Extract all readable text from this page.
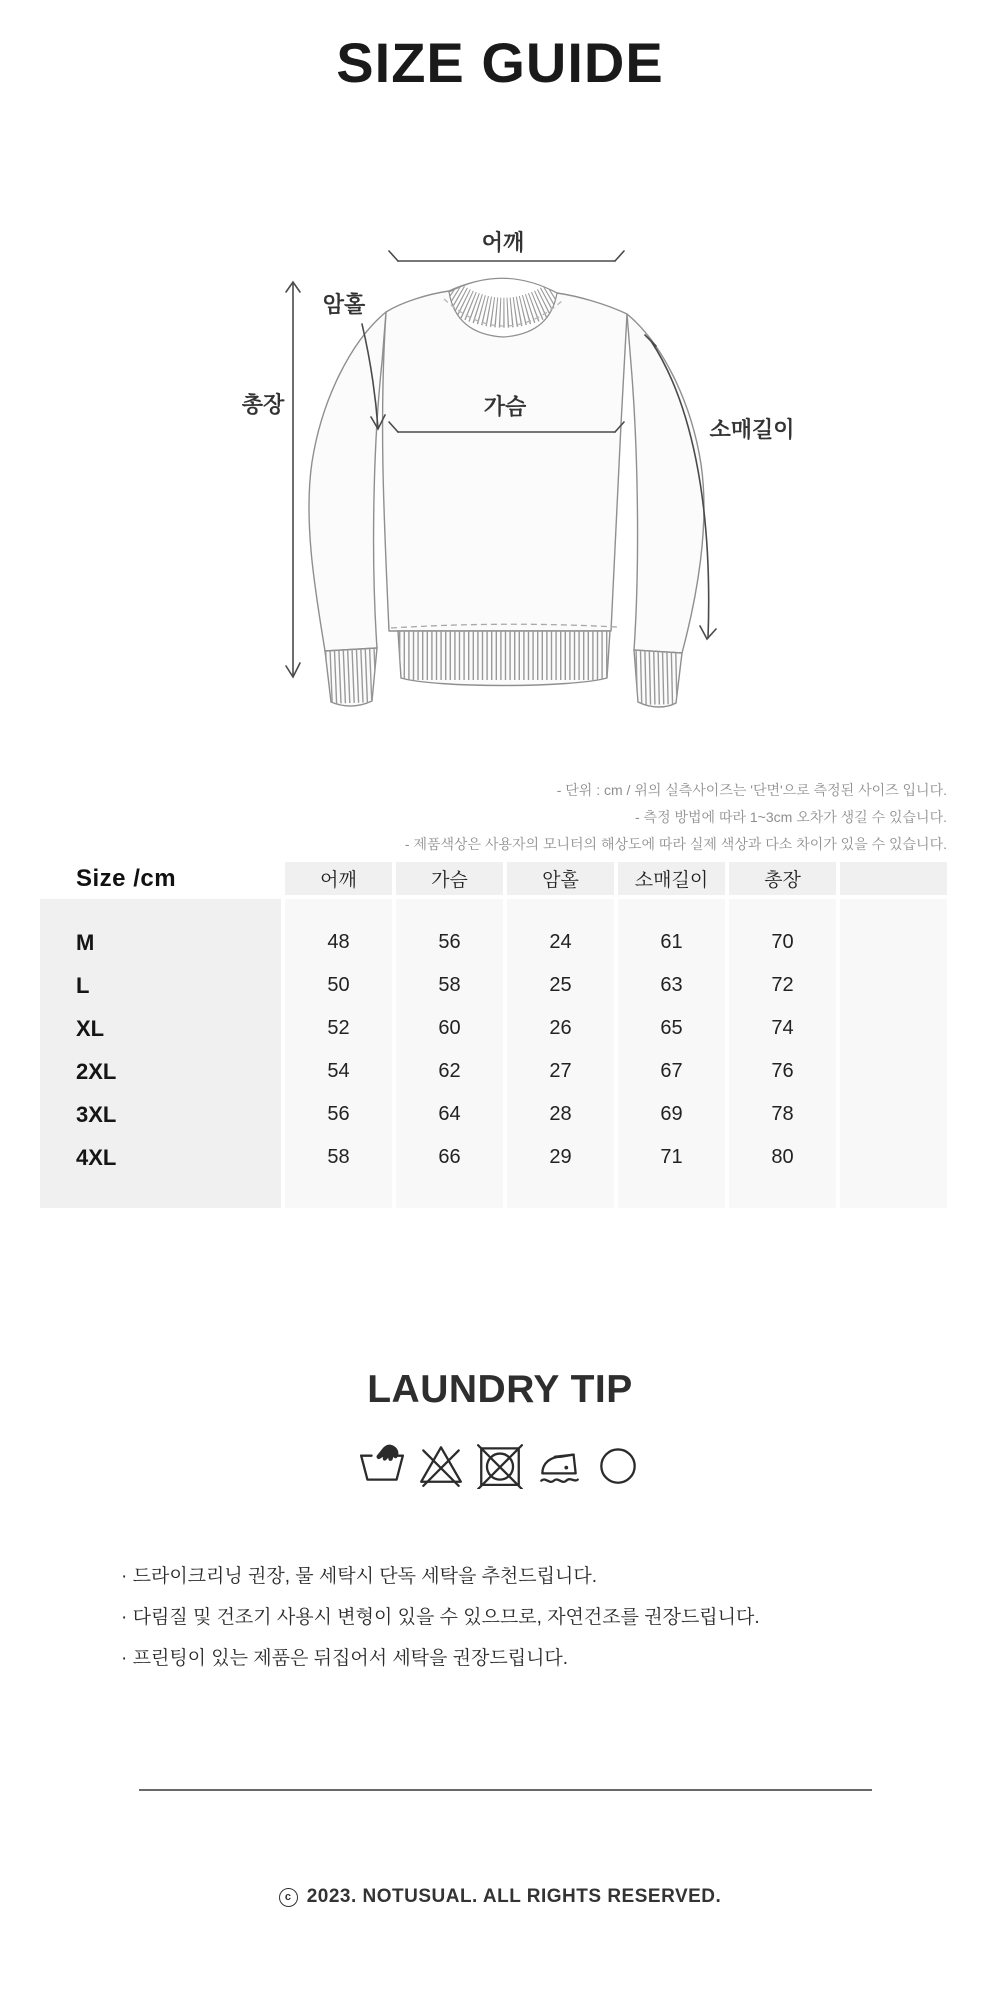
SIZE GUIDE
어깨
암홀
총장	가슴
소매길이
- 단위 : cm / 위의 실측사이즈는 '단면'으로 측정된 사이즈 입니다.
- 측정 방법에 따라 1~3cm 오차가 생길 수 있습니다.
- 제품색상은 사용자의 모니터의 해상도에 따라 실제 색상과 다소 차이가 있을 수 있습니다.
Size /cm	어깨	가슴	암홀	소매길이	총장
M	48	56	24	61	70
L	50	58	25	63	72
XL	52	60	26	65	74
2XL	54	62	27	67	76
3XL	56	64	28	69	78
4XL	58	66	29	71	80
LAUNDRY TIP
· 드라이크리닝 권장, 물 세탁시 단독 세탁을 추천드립니다.
· 다림질 및 건조기 사용시 변형이 있을 수 있으므로, 자연건조를 권장드립니다.
· 프린팅이 있는 제품은 뒤집어서 세탁을 권장드립니다.
c 2023. NOTUSUAL. ALL RIGHTS RESERVED.
